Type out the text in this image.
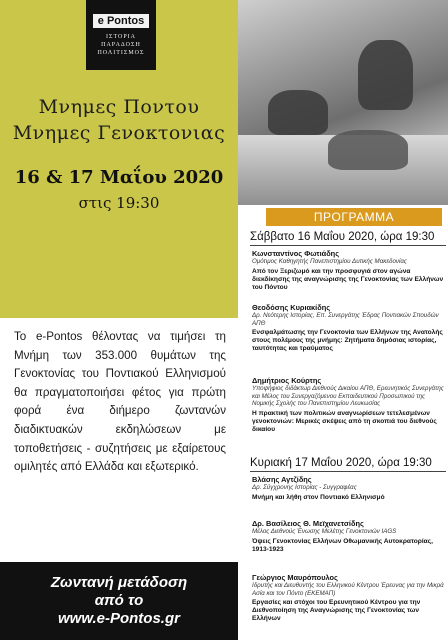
e Pontos
ΙΣΤΟΡΙΑ ΠΑΡΑΔΟΣΗ ΠΟΛΙΤΙΣΜΟΣ
Μνημες Ποντου
Μνημες Γενοκτονιας
16 & 17 Μαΐου 2020
στις 19:30

Το e-Pontos θέλοντας να τιμήσει τη Μνήμη των 353.000 θυμάτων της Γενοκτονίας του Ποντιακού Ελληνισμού θα πραγματοποιήσει φέτος για πρώτη φορά ένα διήμερο ζωντανών διαδικτυακών εκδηλώσεων με τοποθετήσεις - συζητήσεις με εξαίρετους ομιλητές από Ελλάδα και εξωτερικό.

Ζωντανή μετάδοση
από το
www.e-Pontos.gr
ΠΡΟΓΡΑΜΜΑ
Σάββατο 16 Μαΐου 2020, ώρα 19:30
Κωνσταντίνος Φωτιάδης
Ομότιμος Καθηγητής Πανεπιστημίου Δυτικής Μακεδονίας
Από τον Ξεριζωμό και την προσφυγιά στον αγώνα διεκδίκησης της αναγνώρισης της Γενοκτονίας των Ελλήνων του Πόντου
Θεοδόσης Κυριακίδης
Δρ. Νεότερης Ιστορίας, Επ. Συνεργάτης Έδρας Ποντιακών Σπουδών ΑΠΘ
Ενσφαλμάτωσης την Γενοκτονία των Ελλήνων της Ανατολής στους πολέμους της μνήμης: Ζητήματα δημόσιας ιστορίας, ταυτότητας και τραύματος
Δημήτριος Κούρτης
Υποψήφιος διδάκτωρ Διεθνούς Δικαίου ΑΠΘ, Ερευνητικός Συνεργάτης και Μέλος του Συνεργαζόμενου Εκπαιδευτικού Προσωπικού της Νομικής Σχολής του Πανεπιστημίου Λευκωσίας
Η πρακτική των πολιτικών αναγνωρίσεων τετελεσμένων γενοκτονιών: Μερικές σκέψεις από τη σκοπιά του διεθνούς δικαίου
Κυριακή 17 Μαΐου 2020, ώρα 19:30
Βλάσης Αγτζίδης
Δρ. Σύγχρονης Ιστορίας - Συγγραφέας
Μνήμη και λήθη στον Ποντιακό Ελληνισμό
Δρ. Βασίλειος Θ. Μεϊχανετσίδης
Μέλος Διεθνούς Ένωσης Μελέτης Γενοκτονιών IAGS
Όψεις Γενοκτονίας Ελλήνων Οθωμανικής Αυτοκρατορίας, 1913-1923
Γεώργιος Μαυρόπουλος
Ιδρυτής και Διευθυντής του Ελληνικού Κέντρου Έρευνας για την Μικρά Ασία και τον Πόντο (ΕΚΕΜΑΠ)
Εργασίες και στόχοι του Ερευνητικού Κέντρου για την Διεθνοποίηση της Αναγνώρισης της Γενοκτονίας των Ελλήνων
